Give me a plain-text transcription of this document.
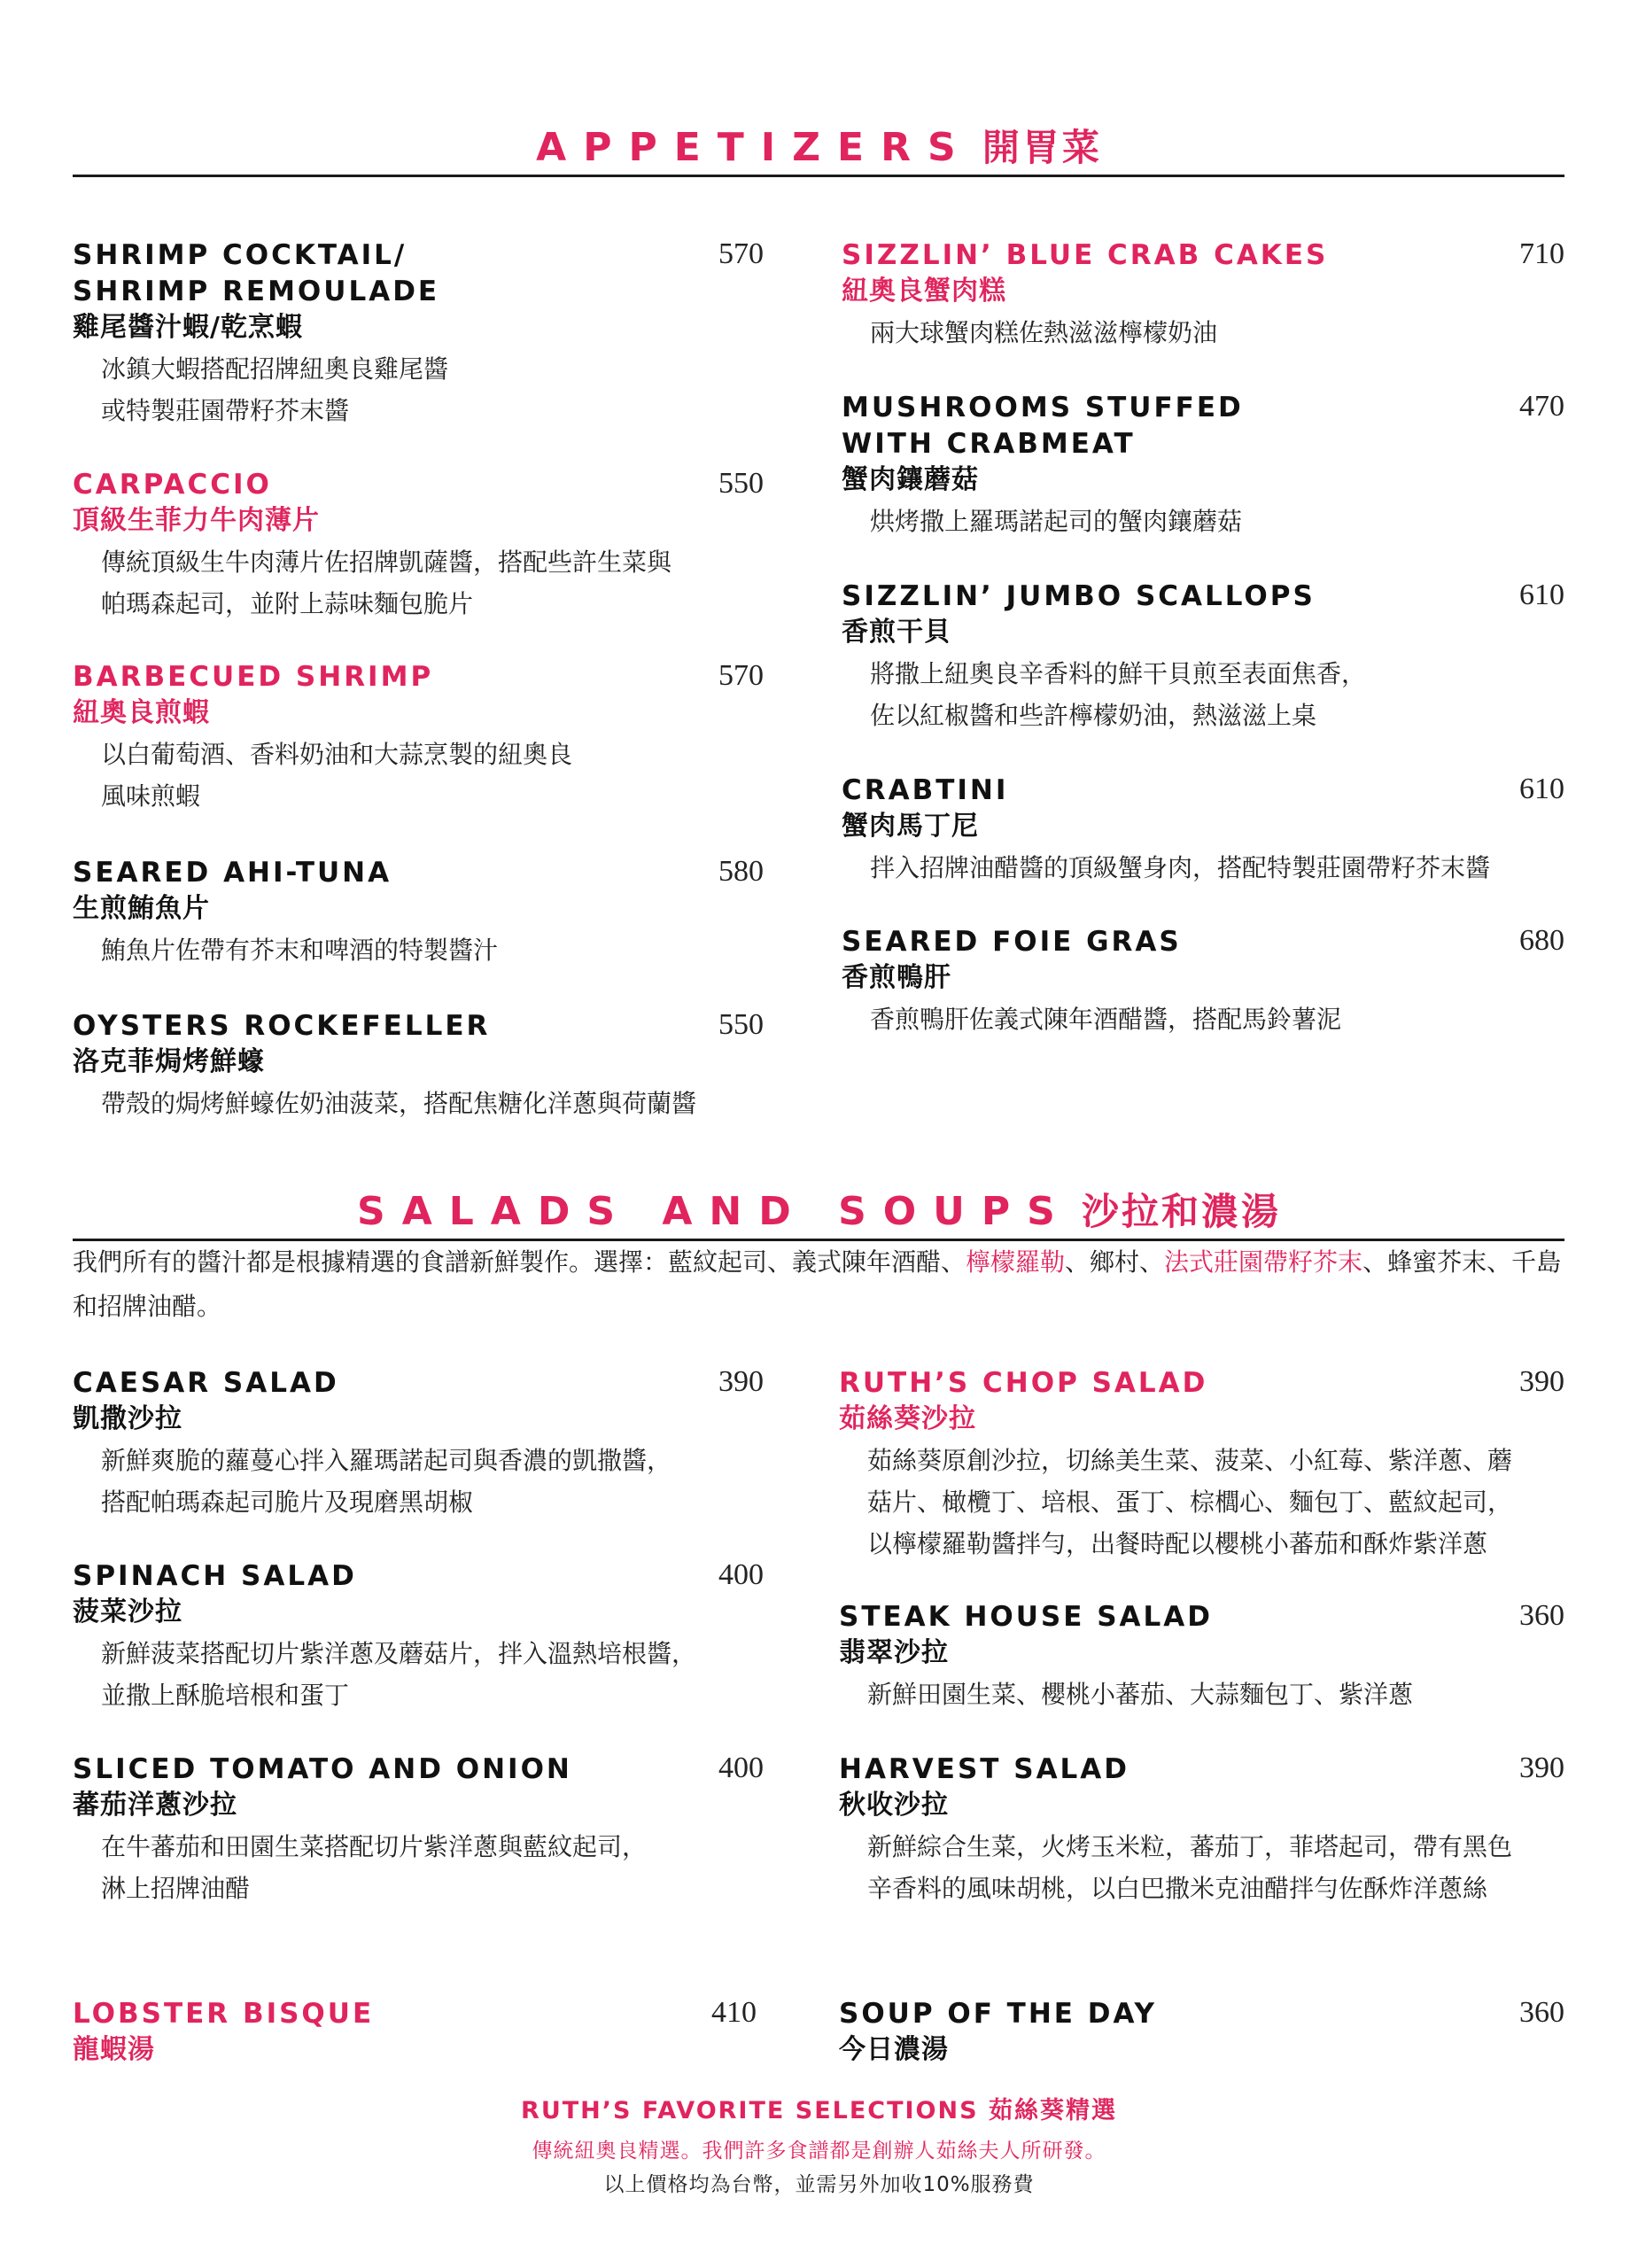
APPETIZERS 開胃菜

SHRIMP COCKTAIL/

SHRIMP REMOULADE

雞尾醬汁蝦/乾烹蝦

冰鎮大蝦搭配招牌紐奧良雞尾醬
或特製莊園帶籽芥末醬
570

CARPACCIO

頂級生菲力牛肉薄片

傳統頂級生牛肉薄片佐招牌凱薩醬，搭配些許生菜與
帕瑪森起司，並附上蒜味麵包脆片
550

BARBECUED SHRIMP

紐奧良煎蝦

以白葡萄酒、香料奶油和大蒜烹製的紐奧良
風味煎蝦
570

SEARED AHI-TUNA

生煎鮪魚片

鮪魚片佐帶有芥末和啤酒的特製醬汁
580

OYSTERS ROCKEFELLER

洛克菲焗烤鮮蠔

帶殼的焗烤鮮蠔佐奶油菠菜，搭配焦糖化洋蔥與荷蘭醬
550

SIZZLIN’ BLUE CRAB CAKES

紐奧良蟹肉糕

兩大球蟹肉糕佐熱滋滋檸檬奶油
710

MUSHROOMS STUFFED

WITH CRABMEAT

蟹肉鑲蘑菇

烘烤撒上羅瑪諾起司的蟹肉鑲蘑菇
470

SIZZLIN’ JUMBO SCALLOPS

香煎干貝

將撒上紐奧良辛香料的鮮干貝煎至表面焦香，
佐以紅椒醬和些許檸檬奶油，熱滋滋上桌
610

CRABTINI

蟹肉馬丁尼

拌入招牌油醋醬的頂級蟹身肉，搭配特製莊園帶籽芥末醬
610

SEARED FOIE GRAS

香煎鴨肝

香煎鴨肝佐義式陳年酒醋醬，搭配馬鈴薯泥
680
SALADS AND SOUPS 沙拉和濃湯
我們所有的醬汁都是根據精選的食譜新鮮製作。選擇：藍紋起司、義式陳年酒醋、檸檬羅勒、鄉村、法式莊園帶籽芥末、蜂蜜芥末、千島和招牌油醋。

CAESAR SALAD

凱撒沙拉

新鮮爽脆的蘿蔓心拌入羅瑪諾起司與香濃的凱撒醬，
搭配帕瑪森起司脆片及現磨黑胡椒
390

SPINACH SALAD

菠菜沙拉

新鮮菠菜搭配切片紫洋蔥及蘑菇片，拌入溫熱培根醬，
並撒上酥脆培根和蛋丁
400

SLICED TOMATO AND ONION

蕃茄洋蔥沙拉

在牛蕃茄和田園生菜搭配切片紫洋蔥與藍紋起司，
淋上招牌油醋
400

LOBSTER BISQUE

龍蝦湯

410

RUTH’S CHOP SALAD

茹絲葵沙拉

茹絲葵原創沙拉，切絲美生菜、菠菜、小紅莓、紫洋蔥、蘑
菇片、橄欖丁、培根、蛋丁、棕櫚心、麵包丁、藍紋起司，
以檸檬羅勒醬拌勻，出餐時配以櫻桃小蕃茄和酥炸紫洋蔥
390

STEAK HOUSE SALAD

翡翠沙拉

新鮮田園生菜、櫻桃小蕃茄、大蒜麵包丁、紫洋蔥
360

HARVEST SALAD

秋收沙拉

新鮮綜合生菜，火烤玉米粒，蕃茄丁，菲塔起司，帶有黑色
辛香料的風味胡桃，以白巴撒米克油醋拌勻佐酥炸洋蔥絲
390

SOUP OF THE DAY

今日濃湯

360
RUTH’S FAVORITE SELECTIONS 茹絲葵精選
傳統紐奧良精選。我們許多食譜都是創辦人茹絲夫人所研發。
以上價格均為台幣，並需另外加收10%服務費
